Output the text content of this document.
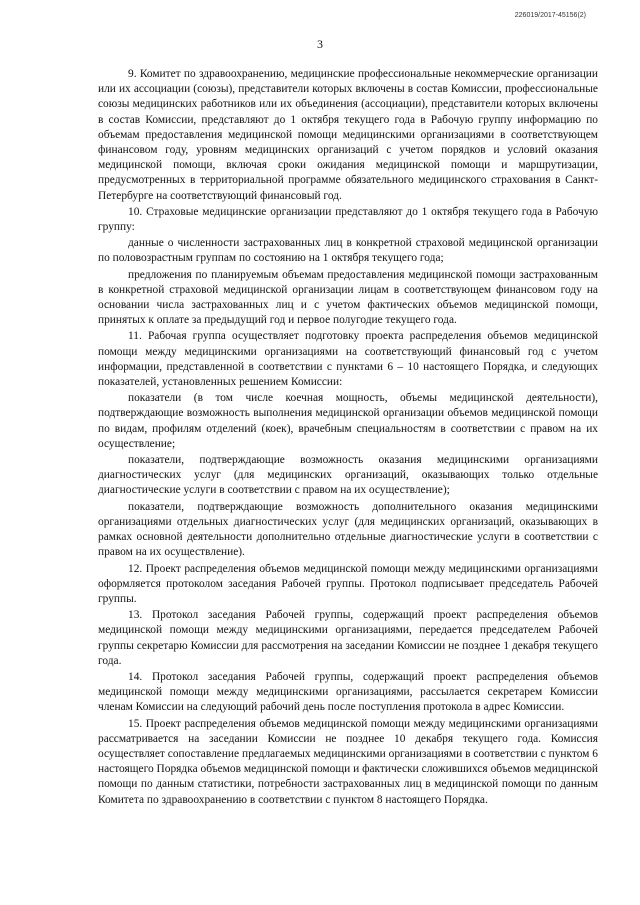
226019/2017-45156(2)
3

9. Комитет по здравоохранению, медицинские профессиональные некоммерческие организации или их ассоциации (союзы), представители которых включены в состав Комиссии, профессиональные союзы медицинских работников или их объединения (ассоциации), представители которых включены в состав Комиссии, представляют до 1 октября текущего года в Рабочую группу информацию по объемам предоставления медицинской помощи медицинскими организациями в соответствующем финансовом году, уровням медицинских организаций с учетом порядков и условий оказания медицинской помощи, включая сроки ожидания медицинской помощи и маршрутизации, предусмотренных в территориальной программе обязательного медицинского страхования в Санкт-Петербурге на соответствующий финансовый год.

10. Страховые медицинские организации представляют до 1 октября текущего года в Рабочую группу:

данные о численности застрахованных лиц в конкретной страховой медицинской организации по половозрастным группам по состоянию на 1 октября текущего года;

предложения по планируемым объемам предоставления медицинской помощи застрахованным в конкретной страховой медицинской организации лицам в соответствующем финансовом году на основании числа застрахованных лиц и с учетом фактических объемов медицинской помощи, принятых к оплате за предыдущий год и первое полугодие текущего года.

11. Рабочая группа осуществляет подготовку проекта распределения объемов медицинской помощи между медицинскими организациями на соответствующий финансовый год с учетом информации, представленной в соответствии с пунктами 6 – 10 настоящего Порядка, и следующих показателей, установленных решением Комиссии:

показатели (в том числе коечная мощность, объемы медицинской деятельности), подтверждающие возможность выполнения медицинской организации объемов медицинской помощи по видам, профилям отделений (коек), врачебным специальностям в соответствии с правом на их осуществление;

показатели, подтверждающие возможность оказания медицинскими организациями диагностических услуг (для медицинских организаций, оказывающих только отдельные диагностические услуги в соответствии с правом на их осуществление);

показатели, подтверждающие возможность дополнительного оказания медицинскими организациями отдельных диагностических услуг (для медицинских организаций, оказывающих в рамках основной деятельности дополнительно отдельные диагностические услуги в соответствии с правом на их осуществление).

12. Проект распределения объемов медицинской помощи между медицинскими организациями оформляется протоколом заседания Рабочей группы. Протокол подписывает председатель Рабочей группы.

13. Протокол заседания Рабочей группы, содержащий проект распределения объемов медицинской помощи между медицинскими организациями, передается председателем Рабочей группы секретарю Комиссии для рассмотрения на заседании Комиссии не позднее 1 декабря текущего года.

14. Протокол заседания Рабочей группы, содержащий проект распределения объемов медицинской помощи между медицинскими организациями, рассылается секретарем Комиссии членам Комиссии на следующий рабочий день после поступления протокола в адрес Комиссии.

15. Проект распределения объемов медицинской помощи между медицинскими организациями рассматривается на заседании Комиссии не позднее 10 декабря текущего года. Комиссия осуществляет сопоставление предлагаемых медицинскими организациями в соответствии с пунктом 6 настоящего Порядка объемов медицинской помощи и фактически сложившихся объемов медицинской помощи по данным статистики, потребности застрахованных лиц в медицинской помощи по данным Комитета по здравоохранению в соответствии с пунктом 8 настоящего Порядка.
